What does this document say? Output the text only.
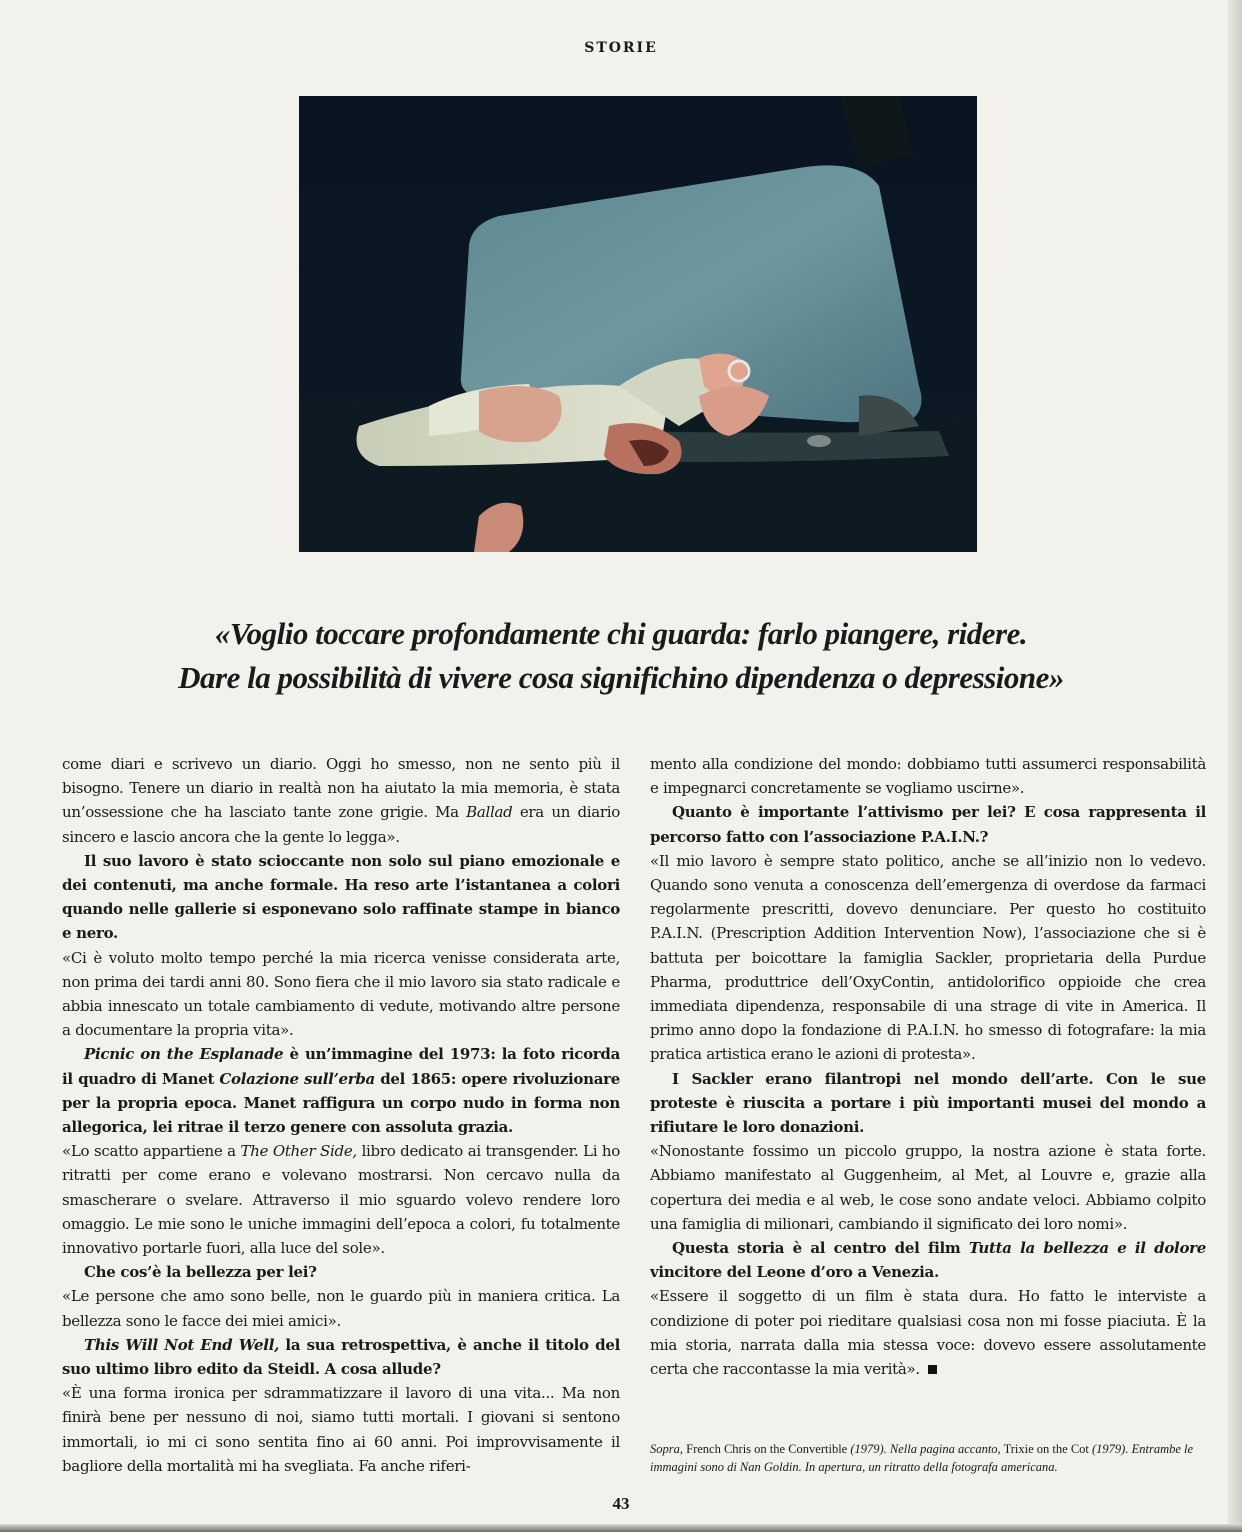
STORIE

«Voglio toccare profondamente chi guarda: farlo piangere, ridere.

Dare la possibilità di vivere cosa significhino dipendenza o depressione»

come diari e scrivevo un diario. Oggi ho smesso, non ne sento più il bisogno. Tenere un diario in realtà non ha aiutato la mia memoria, è stata un’ossessione che ha lasciato tante zone grigie. Ma Ballad era un diario sincero e lascio ancora che la gente lo legga».

Il suo lavoro è stato scioccante non solo sul piano emozionale e dei contenuti, ma anche formale. Ha reso arte l’istantanea a colori quando nelle gallerie si esponevano solo raffinate stampe in bianco e nero.

«Ci è voluto molto tempo perché la mia ricerca venisse considerata arte, non prima dei tardi anni 80. Sono fiera che il mio lavoro sia stato radicale e abbia innescato un totale cambiamento di vedute, motivando altre persone a documentare la propria vita».

Picnic on the Esplanade è un’immagine del 1973: la foto ricorda il quadro di Manet Colazione sull’erba del 1865: opere rivoluzionare per la propria epoca. Manet raffigura un corpo nudo in forma non allegorica, lei ritrae il terzo genere con assoluta grazia.

«Lo scatto appartiene a The Other Side, libro dedicato ai transgender. Li ho ritratti per come erano e volevano mostrarsi. Non cercavo nulla da smascherare o svelare. Attraverso il mio sguardo volevo rendere loro omaggio. Le mie sono le uniche immagini dell’epoca a colori, fu totalmente innovativo portarle fuori, alla luce del sole».

Che cos’è la bellezza per lei?

«Le persone che amo sono belle, non le guardo più in maniera critica. La bellezza sono le facce dei miei amici».

This Will Not End Well, la sua retrospettiva, è anche il titolo del suo ultimo libro edito da Steidl. A cosa allude?

«È una forma ironica per sdrammatizzare il lavoro di una vita... Ma non finirà bene per nessuno di noi, siamo tutti mortali. I giovani si sentono immortali, io mi ci sono sentita fino ai 60 anni. Poi improvvisamente il bagliore della mortalità mi ha svegliata. Fa anche riferi-

mento alla condizione del mondo: dobbiamo tutti assumerci responsabilità e impegnarci concretamente se vogliamo uscirne».

Quanto è importante l’attivismo per lei? E cosa rappresenta il percorso fatto con l’associazione P.A.I.N.?

«Il mio lavoro è sempre stato politico, anche se all’inizio non lo vedevo. Quando sono venuta a conoscenza dell’emergenza di overdose da farmaci regolarmente prescritti, dovevo denunciare. Per questo ho costituito P.A.I.N. (Prescription Addition Intervention Now), l’associazione che si è battuta per boicottare la famiglia Sackler, proprietaria della Purdue Pharma, produttrice dell’OxyContin, antidolorifico oppioide che crea immediata dipendenza, responsabile di una strage di vite in America. Il primo anno dopo la fondazione di P.A.I.N. ho smesso di fotografare: la mia pratica artistica erano le azioni di protesta».

I Sackler erano filantropi nel mondo dell’arte. Con le sue proteste è riuscita a portare i più importanti musei del mondo a rifiutare le loro donazioni.

«Nonostante fossimo un piccolo gruppo, la nostra azione è stata forte. Abbiamo manifestato al Guggenheim, al Met, al Louvre e, grazie alla copertura dei media e al web, le cose sono andate veloci. Abbiamo colpito una famiglia di milionari, cambiando il significato dei loro nomi».

Questa storia è al centro del film Tutta la bellezza e il dolore vincitore del Leone d’oro a Venezia.

«Essere il soggetto di un film è stata dura. Ho fatto le interviste a condizione di poter poi rieditare qualsiasi cosa non mi fosse piaciuta. È la mia storia, narrata dalla mia stessa voce: dovevo essere assolutamente certa che raccontasse la mia verità».

Sopra, French Chris on the Convertible (1979). Nella pagina accanto, Trixie on the Cot (1979). Entrambe le immagini sono di Nan Goldin. In apertura, un ritratto della fotografa americana.
43
